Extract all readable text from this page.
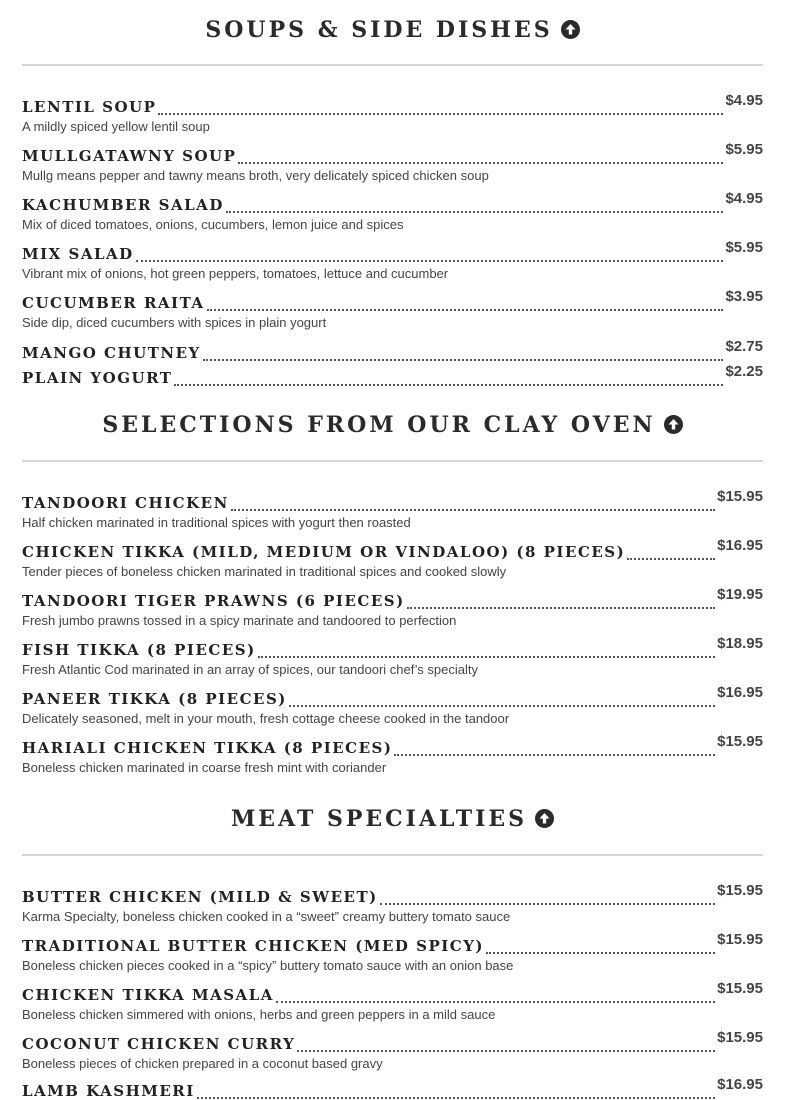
SOUPS & SIDE DISHES
LENTIL SOUP	$4.95
A mildly spiced yellow lentil soup
MULLGATAWNY SOUP	$5.95
Mullg means pepper and tawny means broth, very delicately spiced chicken soup
KACHUMBER SALAD	$4.95
Mix of diced tomatoes, onions, cucumbers, lemon juice and spices
MIX SALAD	$5.95
Vibrant mix of onions, hot green peppers, tomatoes, lettuce and cucumber
CUCUMBER RAITA	$3.95
Side dip, diced cucumbers with spices in plain yogurt
MANGO CHUTNEY	$2.75
PLAIN YOGURT	$2.25
SELECTIONS FROM OUR CLAY OVEN
TANDOORI CHICKEN	$15.95
Half chicken marinated in traditional spices with yogurt then roasted
CHICKEN TIKKA (MILD, MEDIUM OR VINDALOO) (8 PIECES)	$16.95
Tender pieces of boneless chicken marinated in traditional spices and cooked slowly
TANDOORI TIGER PRAWNS (6 PIECES)	$19.95
Fresh jumbo prawns tossed in a spicy marinate and tandoored to perfection
FISH TIKKA (8 PIECES)	$18.95
Fresh Atlantic Cod marinated in an array of spices, our tandoori chef’s specialty
PANEER TIKKA (8 PIECES)	$16.95
Delicately seasoned, melt in your mouth, fresh cottage cheese cooked in the tandoor
HARIALI CHICKEN TIKKA (8 PIECES)	$15.95
Boneless chicken marinated in coarse fresh mint with coriander
MEAT SPECIALTIES
BUTTER CHICKEN (MILD & SWEET)	$15.95
Karma Specialty, boneless chicken cooked in a “sweet” creamy buttery tomato sauce
TRADITIONAL BUTTER CHICKEN (MED SPICY)	$15.95
Boneless chicken pieces cooked in a “spicy” buttery tomato sauce with an onion base
CHICKEN TIKKA MASALA	$15.95
Boneless chicken simmered with onions, herbs and green peppers in a mild sauce
COCONUT CHICKEN CURRY	$15.95
Boneless pieces of chicken prepared in a coconut based gravy
LAMB KASHMERI	$16.95
